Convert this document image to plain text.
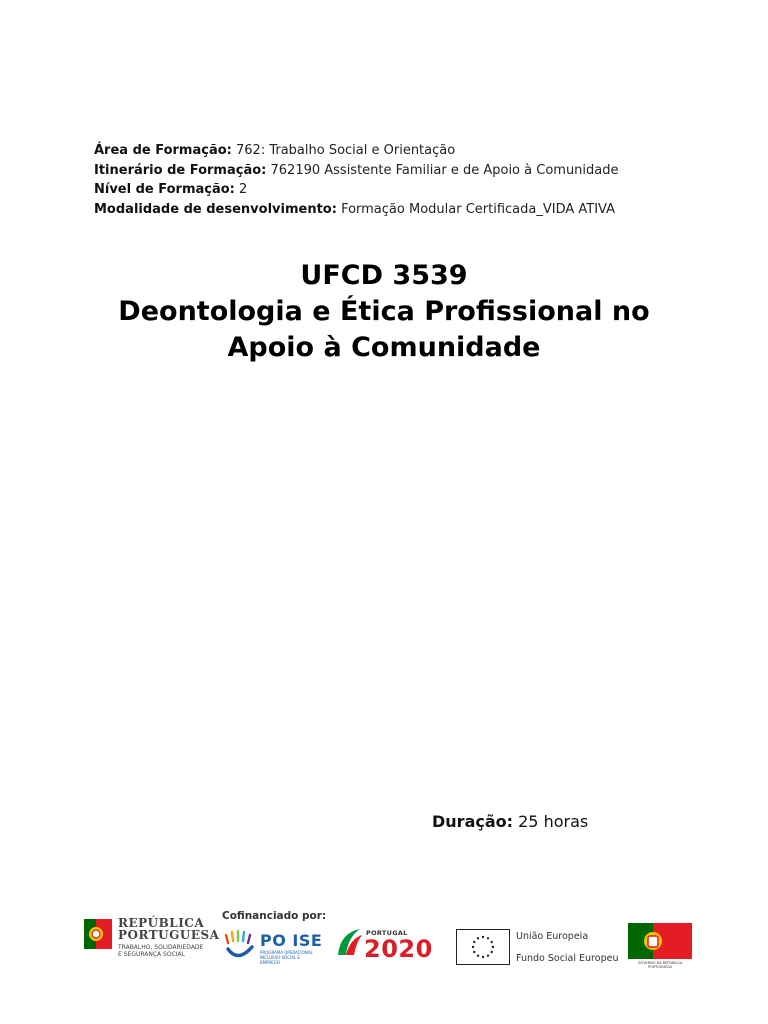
Área de Formação: 762: Trabalho Social e Orientação
Itinerário de Formação: 762190 Assistente Familiar e de Apoio à Comunidade
Nível de Formação: 2
Modalidade de desenvolvimento: Formação Modular Certificada_VIDA ATIVA
UFCD 3539
Deontologia e Ética Profissional no
Apoio à Comunidade
Duração: 25 horas
REPÚBLICA
PORTUGUESA
TRABALHO, SOLIDARIEDADE
E SEGURANÇA SOCIAL
Cofinanciado por:
PO ISE
PROGRAMA OPERACIONAL INCLUSÃO SOCIAL E EMPREGO
PORTUGAL
2020	União Europeia
Fundo Social Europeu	GOVERNO DA REPÚBLICA PORTUGUESA
